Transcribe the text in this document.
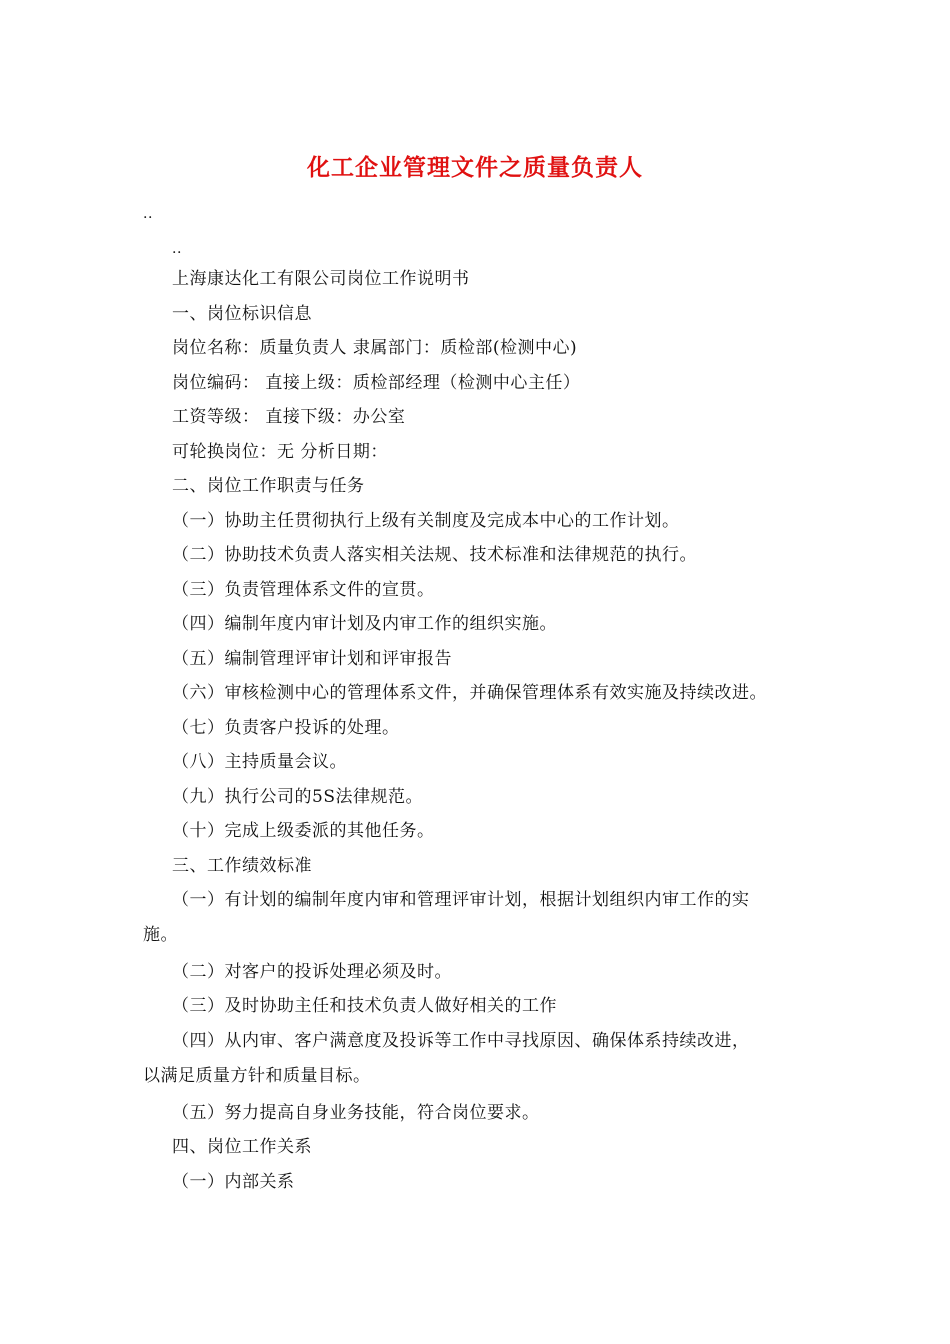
化工企业管理文件之质量负责人
..
..
上海康达化工有限公司岗位工作说明书
一、岗位标识信息
岗位名称：质量负责人 隶属部门：质检部(检测中心)
岗位编码： 直接上级：质检部经理（检测中心主任）
工资等级： 直接下级：办公室
可轮换岗位：无 分析日期：
二、岗位工作职责与任务
（一）协助主任贯彻执行上级有关制度及完成本中心的工作计划。
（二）协助技术负责人落实相关法规、技术标准和法律规范的执行。
（三）负责管理体系文件的宣贯。
（四）编制年度内审计划及内审工作的组织实施。
（五）编制管理评审计划和评审报告
（六）审核检测中心的管理体系文件，并确保管理体系有效实施及持续改进。
（七）负责客户投诉的处理。
（八）主持质量会议。
（九）执行公司的5S法律规范。
（十）完成上级委派的其他任务。
三、工作绩效标准
（一）有计划的编制年度内审和管理评审计划，根据计划组织内审工作的实
施。
（二）对客户的投诉处理必须及时。
（三）及时协助主任和技术负责人做好相关的工作
（四）从内审、客户满意度及投诉等工作中寻找原因、确保体系持续改进，
以满足质量方针和质量目标。
（五）努力提高自身业务技能，符合岗位要求。
四、岗位工作关系
（一）内部关系
